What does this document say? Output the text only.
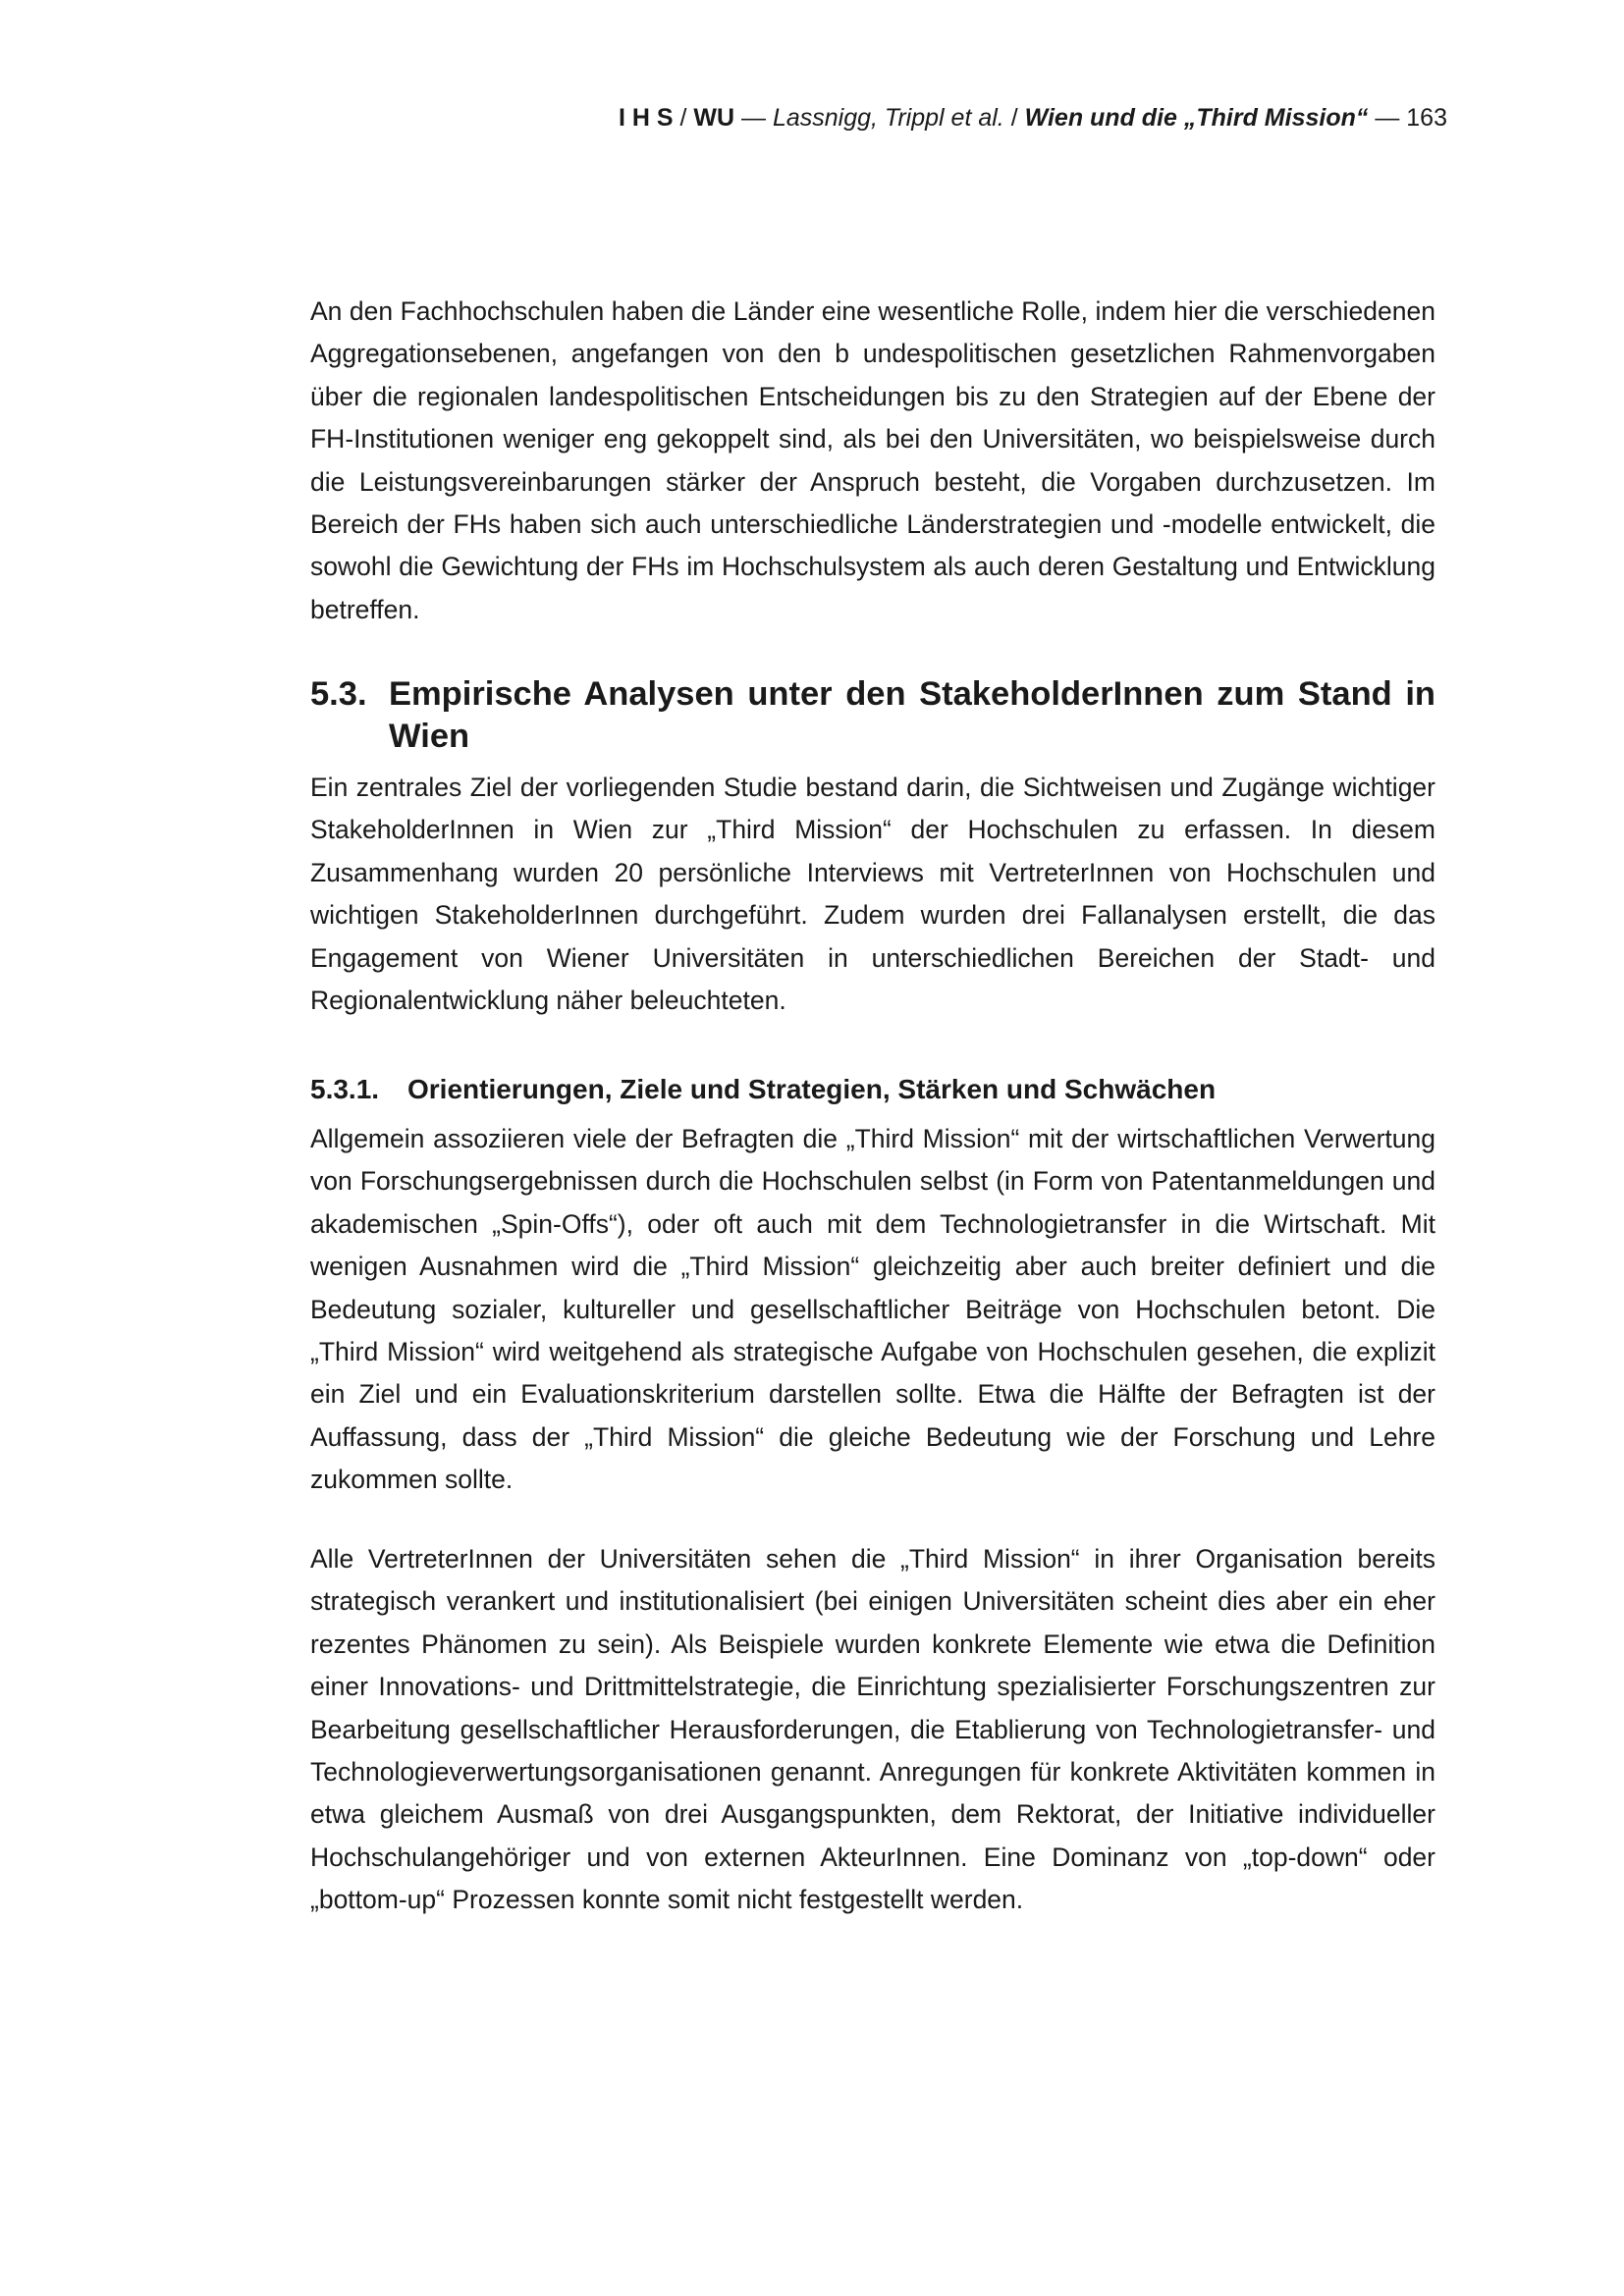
I H S / WU — Lassnigg, Trippl et al. / Wien und die „Third Mission“ — 163

An den Fachhochschulen haben die Länder eine wesentliche Rolle, indem hier die verschiedenen Aggregationsebenen, angefangen von den b undespolitischen gesetzlichen Rahmenvorgaben über die regionalen landespolitischen Entscheidungen bis zu den Strategien auf der Ebene der FH-Institutionen weniger eng gekoppelt sind, als bei den Universitäten, wo beispielsweise durch die Leistungsvereinbarungen stärker der Anspruch besteht, die Vorgaben durchzusetzen. Im Bereich der FHs haben sich auch unterschiedliche Länderstrategien und -modelle entwickelt, die sowohl die Gewichtung der FHs im Hochschulsystem als auch deren Gestaltung und Entwicklung betreffen.

5.3. Empirische Analysen unter den StakeholderInnen zum Stand in Wien

Ein zentrales Ziel der vorliegenden Studie bestand darin, die Sichtweisen und Zugänge wichtiger StakeholderInnen in Wien zur „Third Mission“ der Hochschulen zu erfassen. In diesem Zusammenhang wurden 20 persönliche Interviews mit VertreterInnen von Hochschulen und wichtigen StakeholderInnen durchgeführt. Zudem wurden drei Fallanalysen erstellt, die das Engagement von Wiener Universitäten in unterschiedlichen Bereichen der Stadt- und Regionalentwicklung näher beleuchteten.

5.3.1.	Orientierungen, Ziele und Strategien, Stärken und Schwächen

Allgemein assoziieren viele der Befragten die „Third Mission“ mit der wirtschaftlichen Verwertung von Forschungsergebnissen durch die Hochschulen selbst (in Form von Patentanmeldungen und akademischen „Spin-Offs“), oder oft auch mit dem Technologietransfer in die Wirtschaft. Mit wenigen Ausnahmen wird die „Third Mission“ gleichzeitig aber auch breiter definiert und die Bedeutung sozialer, kultureller und gesellschaftlicher Beiträge von Hochschulen betont. Die „Third Mission“ wird weitgehend als strategische Aufgabe von Hochschulen gesehen, die explizit ein Ziel und ein Evaluationskriterium darstellen sollte. Etwa die Hälfte der Befragten ist der Auffassung, dass der „Third Mission“ die gleiche Bedeutung wie der Forschung und Lehre zukommen sollte.

Alle VertreterInnen der Universitäten sehen die „Third Mission“ in ihrer Organisation bereits strategisch verankert und institutionalisiert (bei einigen Universitäten scheint dies aber ein eher rezentes Phänomen zu sein). Als Beispiele wurden konkrete Elemente wie etwa die Definition einer Innovations- und Drittmittelstrategie, die Einrichtung spezialisierter Forschungszentren zur Bearbeitung gesellschaftlicher Herausforderungen, die Etablierung von Technologietransfer- und Technologieverwertungsorganisationen genannt. Anregungen für konkrete Aktivitäten kommen in etwa gleichem Ausmaß von drei Ausgangspunkten, dem Rektorat, der Initiative individueller Hochschulangehöriger und von externen AkteurInnen. Eine Dominanz von „top-down“ oder „bottom-up“ Prozessen konnte somit nicht festgestellt werden.
